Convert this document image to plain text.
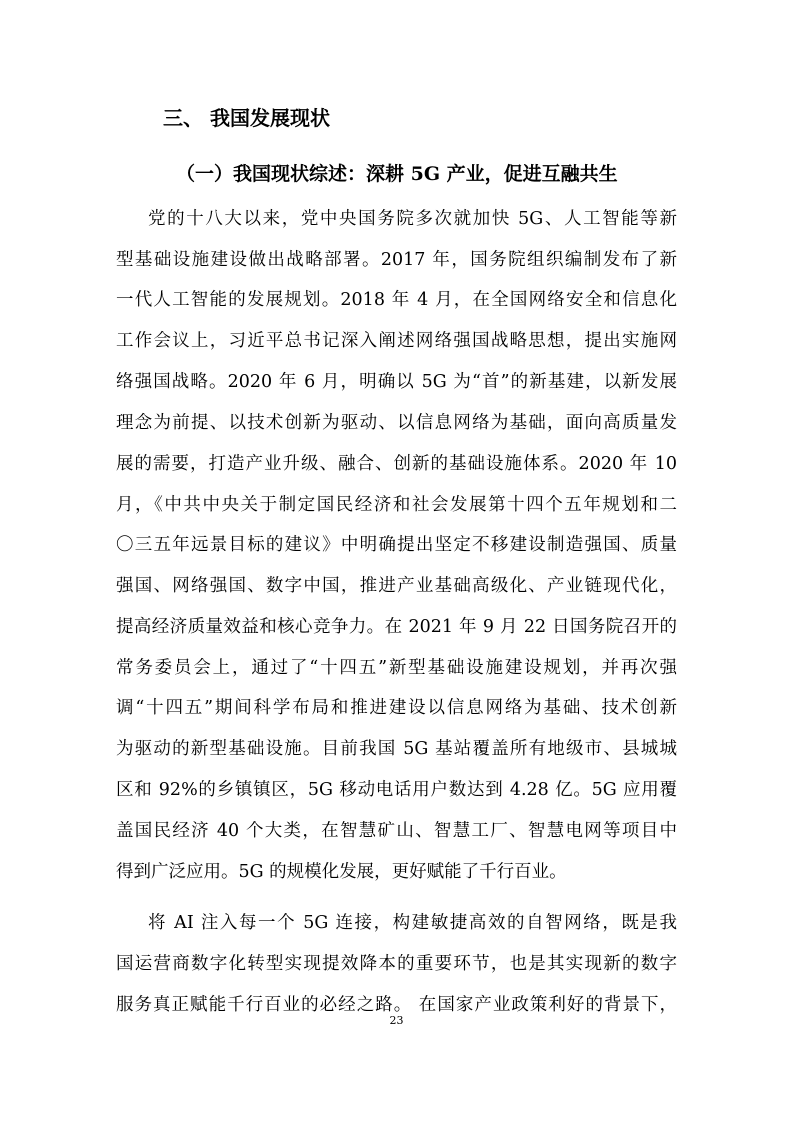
三、 我国发展现状
（一）我国现状综述：深耕 5G 产业，促进互融共生

党的十八大以来，党中央国务院多次就加快 5G、人工智能等新

型基础设施建设做出战略部署。2017 年，国务院组织编制发布了新

一代人工智能的发展规划。2018 年 4 月，在全国网络安全和信息化

工作会议上，习近平总书记深入阐述网络强国战略思想，提出实施网

络强国战略。2020 年 6 月，明确以 5G 为“首”的新基建，以新发展

理念为前提、以技术创新为驱动、以信息网络为基础，面向高质量发

展的需要，打造产业升级、融合、创新的基础设施体系。2020 年 10

月，《中共中央关于制定国民经济和社会发展第十四个五年规划和二

〇三五年远景目标的建议》中明确提出坚定不移建设制造强国、质量

强国、网络强国、数字中国，推进产业基础高级化、产业链现代化，

提高经济质量效益和核心竞争力。在 2021 年 9 月 22 日国务院召开的

常务委员会上，通过了“十四五”新型基础设施建设规划，并再次强

调“十四五”期间科学布局和推进建设以信息网络为基础、技术创新

为驱动的新型基础设施。目前我国 5G 基站覆盖所有地级市、县城城

区和 92%的乡镇镇区，5G 移动电话用户数达到 4.28 亿。5G 应用覆

盖国民经济 40 个大类，在智慧矿山、智慧工厂、智慧电网等项目中

得到广泛应用。5G 的规模化发展，更好赋能了千行百业。

将 AI 注入每一个 5G 连接，构建敏捷高效的自智网络，既是我

国运营商数字化转型实现提效降本的重要环节，也是其实现新的数字

服务真正赋能千行百业的必经之路。 在国家产业政策利好的背景下，

23
